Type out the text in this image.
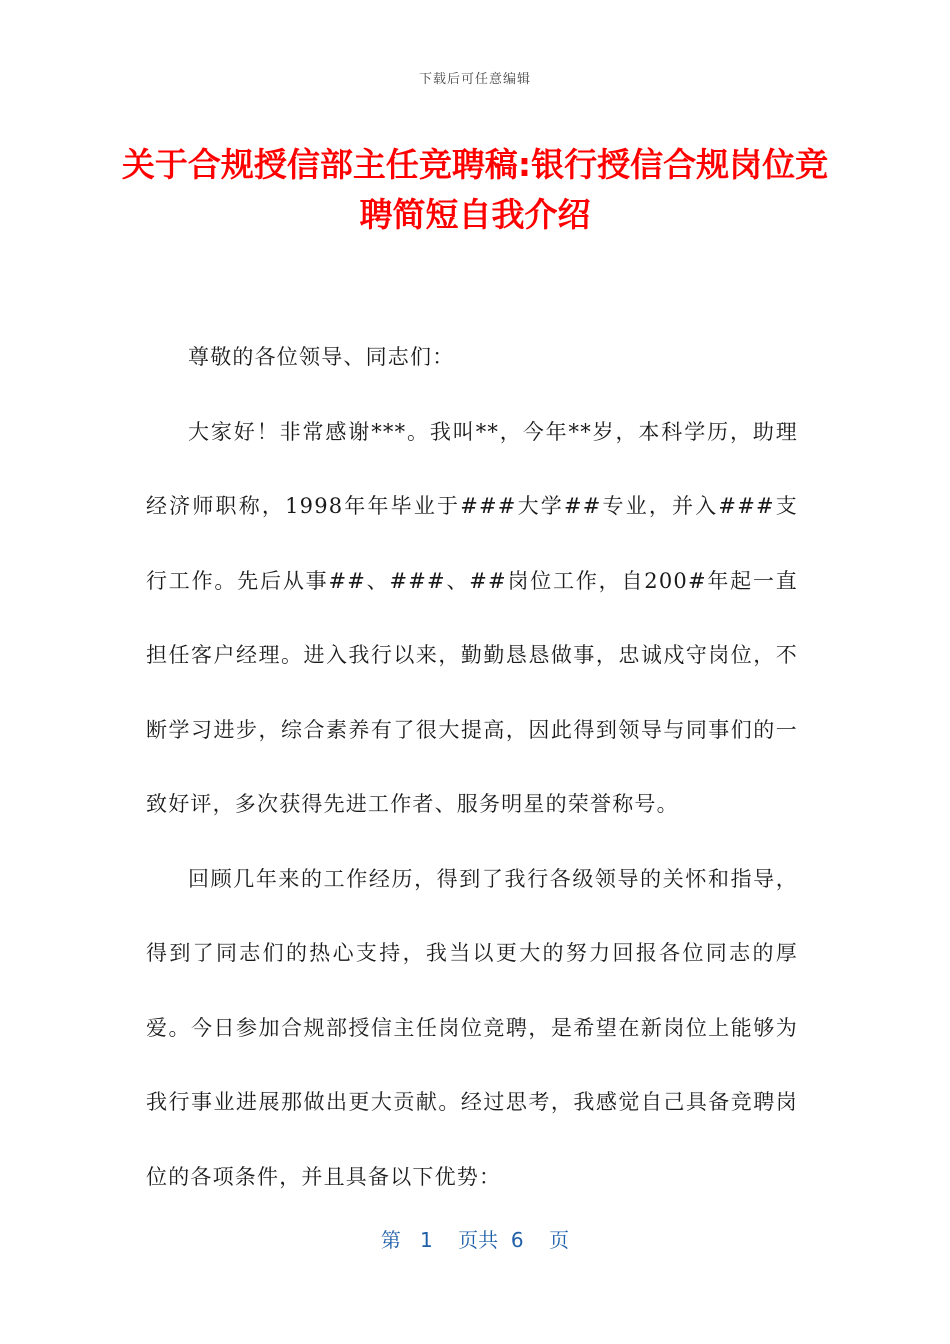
下载后可任意编辑
关于合规授信部主任竞聘稿:银行授信合规岗位竞聘简短自我介绍

尊敬的各位领导、同志们：

大家好！非常感谢***。我叫**，今年**岁，本科学历，助理经济师职称，1998年年毕业于###大学##专业，并入###支行工作。先后从事##、###、##岗位工作，自200#年起一直担任客户经理。进入我行以来，勤勤恳恳做事，忠诚戍守岗位，不断学习进步，综合素养有了很大提高，因此得到领导与同事们的一致好评，多次获得先进工作者、服务明星的荣誉称号。

回顾几年来的工作经历，得到了我行各级领导的关怀和指导，得到了同志们的热心支持，我当以更大的努力回报各位同志的厚爱。今日参加合规部授信主任岗位竞聘，是希望在新岗位上能够为我行事业进展那做出更大贡献。经过思考，我感觉自己具备竞聘岗位的各项条件，并且具备以下优势：

第 1 页共 6 页
